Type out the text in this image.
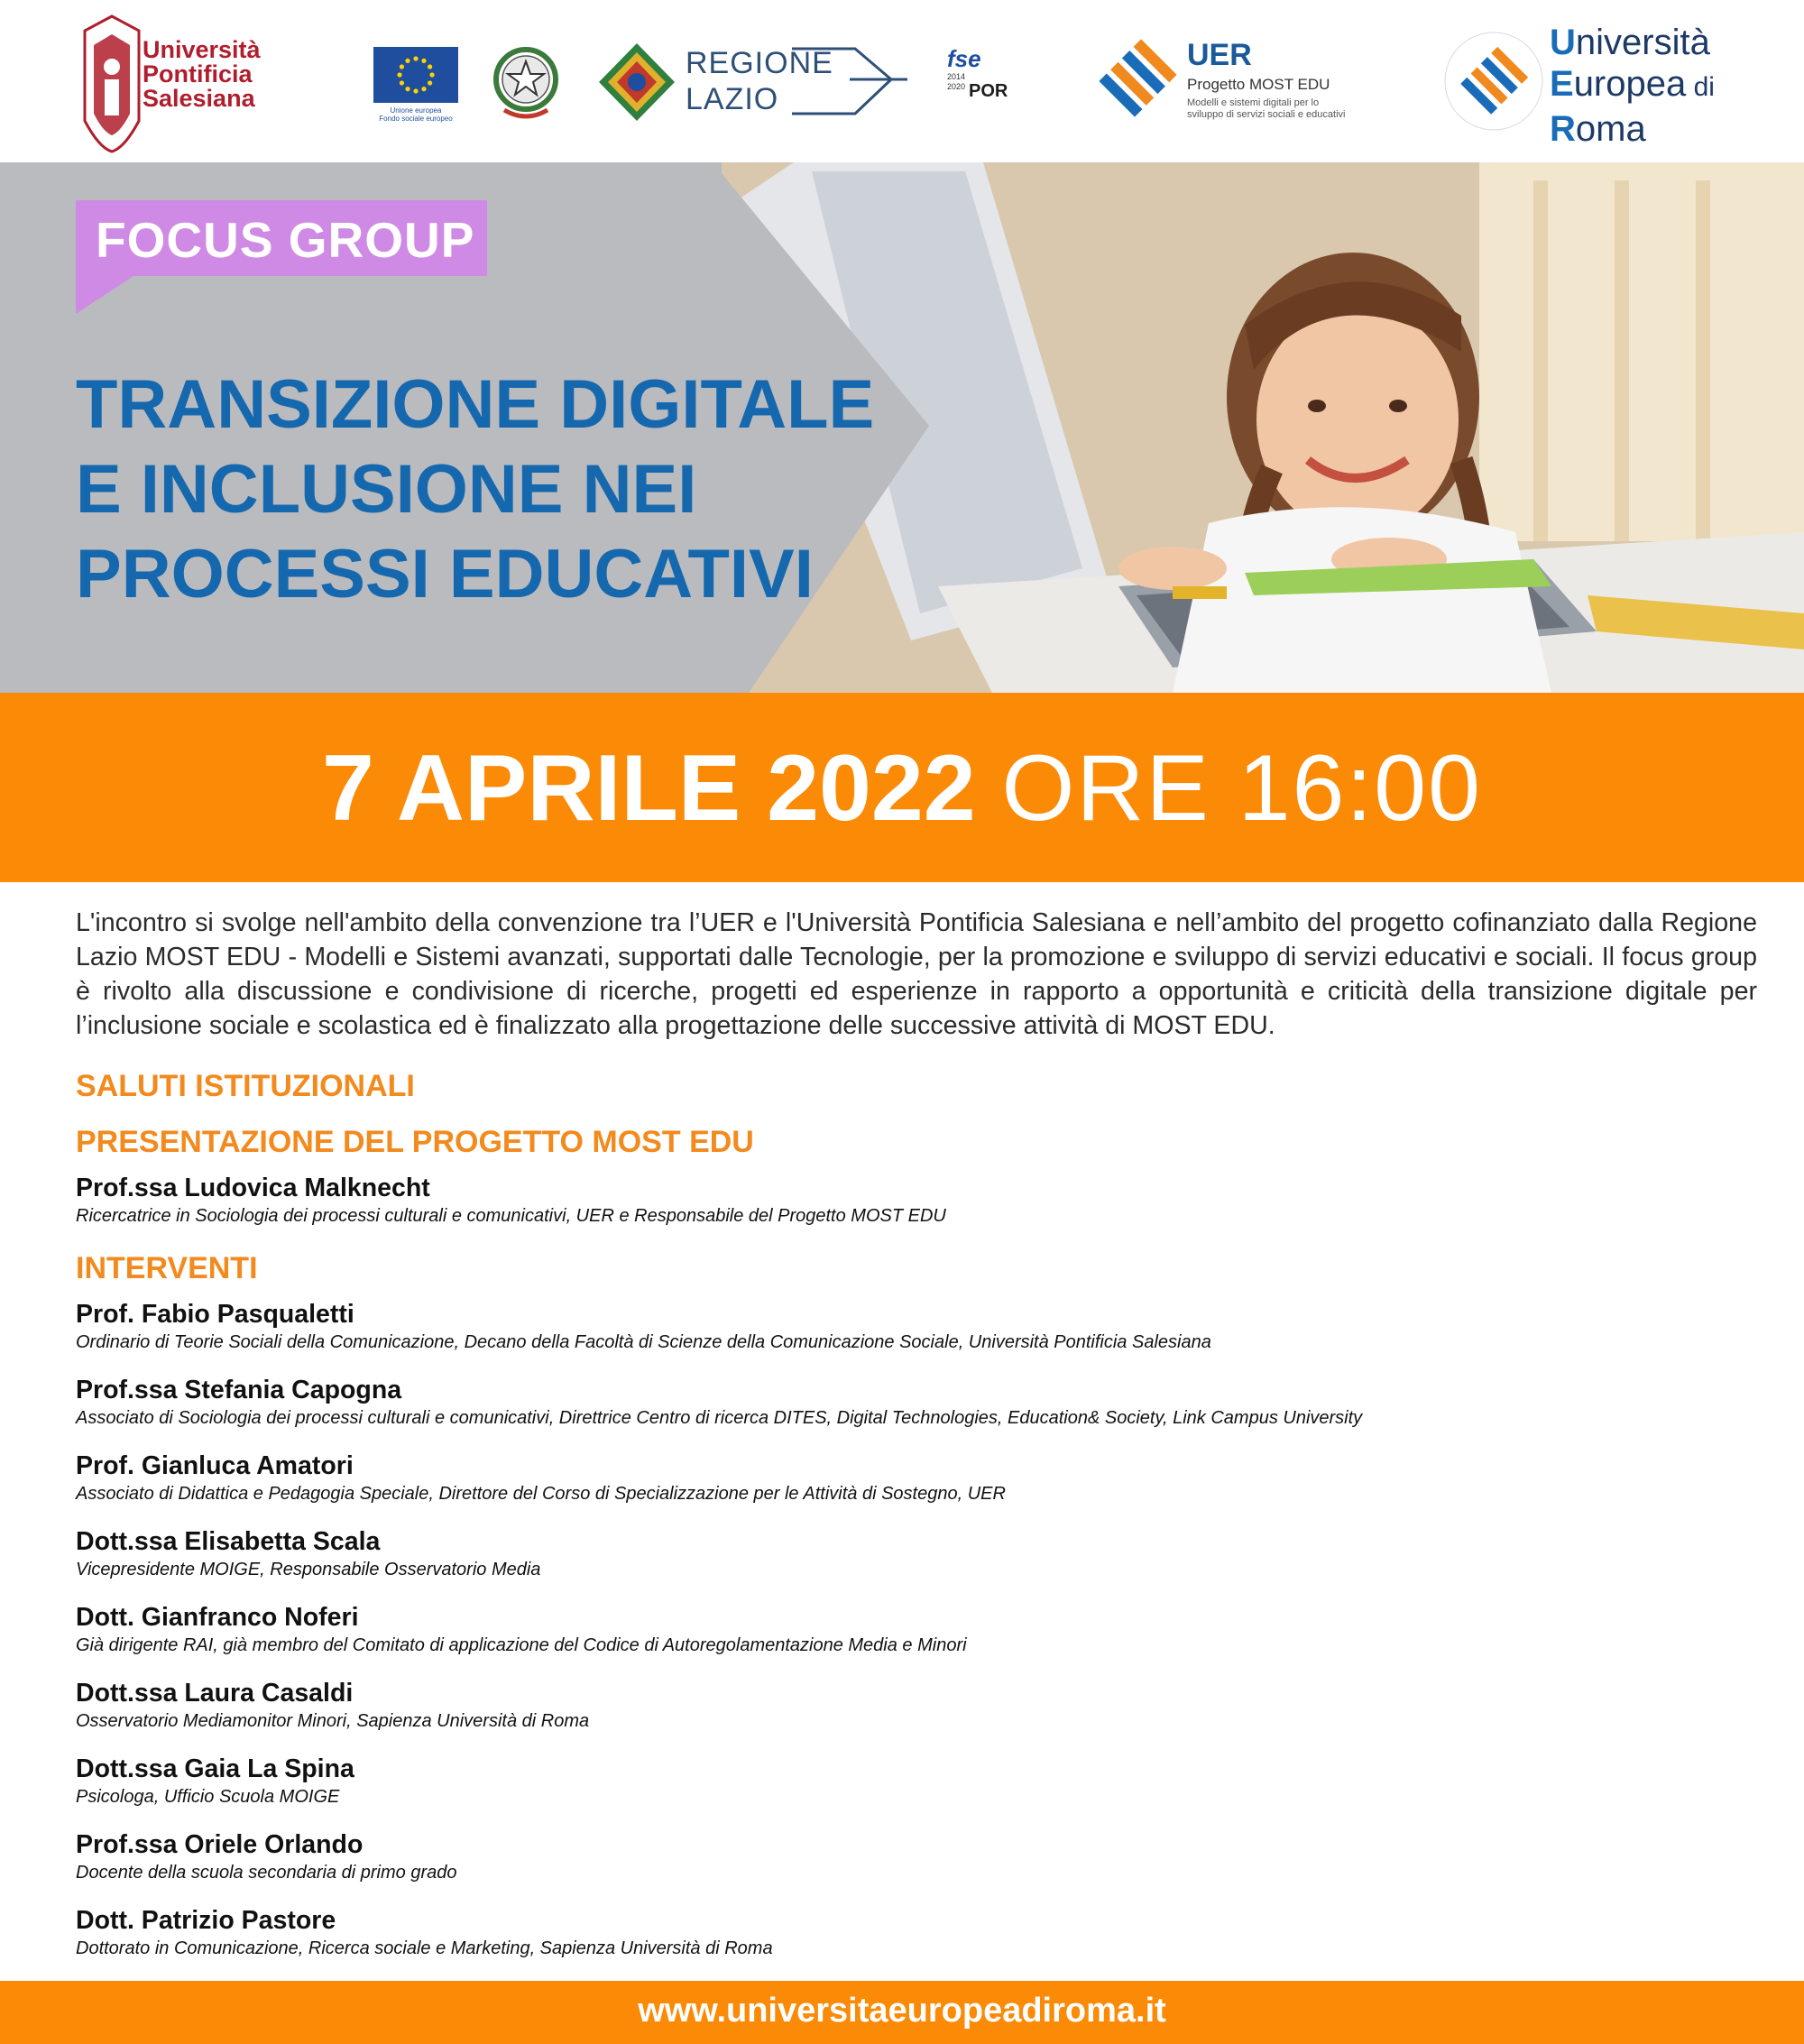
Università
Pontificia
Salesiana	Unione europea
Fondo sociale europeo
REGIONE
LAZIO
fse
2014 2020 POR
UER
Progetto MOST EDU
Modelli e sistemi digitali per lo
sviluppo di servizi sociali e educativi
Università
Europea di
Roma
FOCUS GROUP
TRANSIZIONE DIGITALE
E INCLUSIONE NEI
PROCESSI EDUCATIVI
7 APRILE 2022 ORE 16:00
L'incontro si svolge nell'ambito della convenzione tra l’UER e l'Università Pontificia Salesiana e nell’ambito del progetto cofinanziato dalla Regione Lazio MOST EDU - Modelli e Sistemi avanzati, supportati dalle Tecnologie, per la promozione e sviluppo di servizi educativi e sociali. Il focus group è rivolto alla discussione e condivisione di ricerche, progetti ed esperienze in rapporto a opportunità e criticità della transizione digitale per l’inclusione sociale e scolastica ed è finalizzato alla progettazione delle successive attività di MOST EDU.
SALUTI ISTITUZIONALI
PRESENTAZIONE DEL PROGETTO MOST EDU
Prof.ssa Ludovica Malknecht
Ricercatrice in Sociologia dei processi culturali e comunicativi, UER e Responsabile del Progetto MOST EDU
INTERVENTI
Prof. Fabio Pasqualetti
Ordinario di Teorie Sociali della Comunicazione, Decano della Facoltà di Scienze della Comunicazione Sociale, Università Pontificia Salesiana
Prof.ssa Stefania Capogna
Associato di Sociologia dei processi culturali e comunicativi, Direttrice Centro di ricerca DITES, Digital Technologies, Education& Society, Link Campus University
Prof. Gianluca Amatori
Associato di Didattica e Pedagogia Speciale, Direttore del Corso di Specializzazione per le Attività di Sostegno, UER
Dott.ssa Elisabetta Scala
Vicepresidente MOIGE, Responsabile Osservatorio Media
Dott. Gianfranco Noferi
Già dirigente RAI, già membro del Comitato di applicazione del Codice di Autoregolamentazione Media e Minori
Dott.ssa Laura Casaldi
Osservatorio Mediamonitor Minori, Sapienza Università di Roma
Dott.ssa Gaia La Spina
Psicologa, Ufficio Scuola MOIGE
Prof.ssa Oriele Orlando
Docente della scuola secondaria di primo grado
Dott. Patrizio Pastore
Dottorato in Comunicazione, Ricerca sociale e Marketing, Sapienza Università di Roma
www.universitaeuropeadiroma.it
